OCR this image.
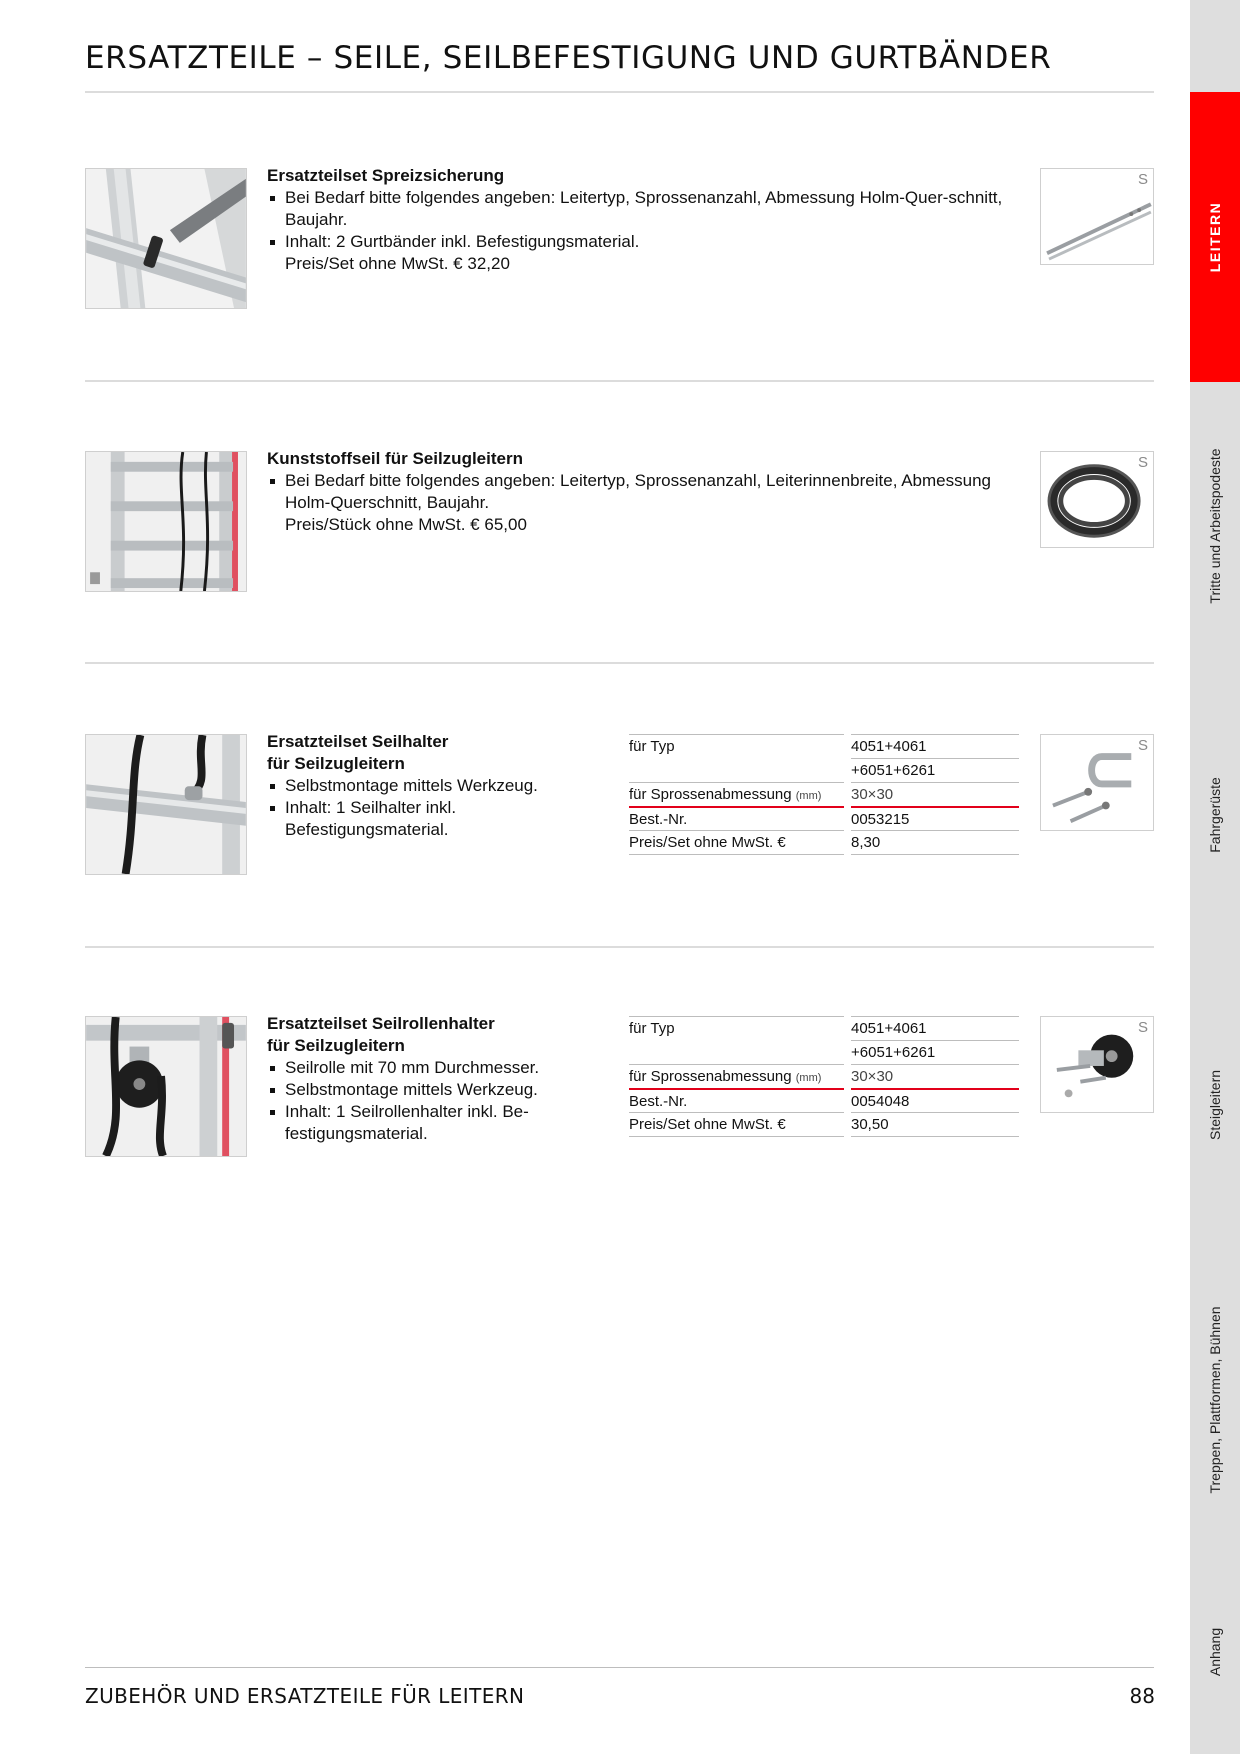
ERSATZTEILE – SEILE, SEILBEFESTIGUNG UND GURTBÄNDER
Ersatzteilset Spreizsicherung
Bei Bedarf bitte folgendes angeben: Leitertyp, Sprossenanzahl, Abmessung Holm-Quer-schnitt, Baujahr.
Inhalt: 2 Gurtbänder inkl. Befestigungsmaterial.
Preis/Set ohne MwSt. € 32,20
S
Kunststoffseil für Seilzugleitern
Bei Bedarf bitte folgendes angeben: Leitertyp, Sprossenanzahl, Leiterinnenbreite, Abmessung Holm-Querschnitt, Baujahr.
Preis/Stück ohne MwSt. € 65,00
S
Ersatzteilset Seilhalter
für Seilzugleitern
Selbstmontage mittels Werkzeug.
Inhalt: 1 Seilhalter inkl. Befestigungsmaterial.
für Typ	4051+4061
+6051+6261
für Sprossenabmessung (mm)	30×30
Best.-Nr.	0053215
Preis/Set ohne MwSt. €	8,30
S
Ersatzteilset Seilrollenhalter
für Seilzugleitern
Seilrolle mit 70 mm Durchmesser.
Selbstmontage mittels Werkzeug.
Inhalt: 1 Seilrollenhalter inkl. Be-festigungsmaterial.
für Typ	4051+4061
+6051+6261
für Sprossenabmessung (mm)	30×30
Best.-Nr.	0054048
Preis/Set ohne MwSt. €	30,50
S
ZUBEHÖR UND ERSATZTEILE FÜR LEITERN	88
LEITERN
Tritte und Arbeitspodeste
Fahrgerüste
Steigleitern
Treppen, Plattformen, Bühnen
Anhang
